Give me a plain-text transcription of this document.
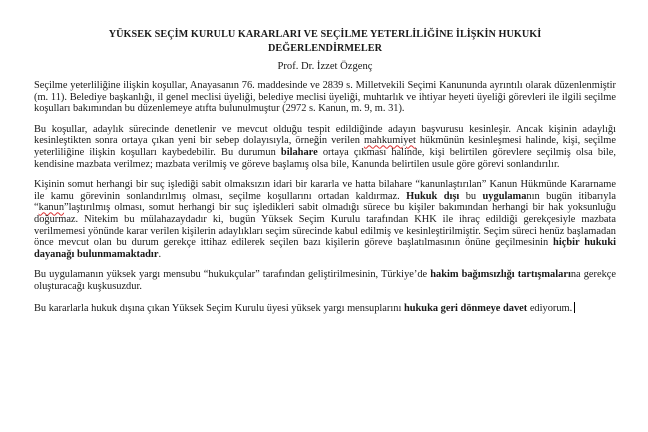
YÜKSEK SEÇİM KURULU KARARLARI VE SEÇİLME YETERLİLİĞİNE İLİŞKİN HUKUKİ
DEĞERLENDİRMELER
Prof. Dr. İzzet Özgenç

Seçilme yeterliliğine ilişkin koşullar, Anayasanın 76. maddesinde ve 2839 s. Milletvekili Seçimi Kanununda ayrıntılı olarak düzenlenmiştir (m. 11). Belediye başkanlığı, il genel meclisi üyeliği, belediye meclisi üyeliği, muhtarlık ve ihtiyar heyeti üyeliği görevleri ile ilgili seçilme koşulları bakımından bu düzenlemeye atıfta bulunulmuştur (2972 s. Kanun, m. 9, m. 31).

Bu koşullar, adaylık sürecinde denetlenir ve mevcut olduğu tespit edildiğinde adayın başvurusu kesinleşir. Ancak kişinin adaylığı kesinleştikten sonra ortaya çıkan yeni bir sebep dolayısıyla, örneğin verilen mahkumiyet hükmünün kesinleşmesi halinde, kişi, seçilme yeterliliğine ilişkin koşulları kaybedebilir. Bu durumun bilahare ortaya çıkması halinde, kişi belirtilen görevlere seçilmiş olsa bile, kendisine mazbata verilmez; mazbata verilmiş ve göreve başlamış olsa bile, Kanunda belirtilen usule göre görevi sonlandırılır.

Kişinin somut herhangi bir suç işlediği sabit olmaksızın idari bir kararla ve hatta bilahare “kanunlaştırılan” Kanun Hükmünde Kararname ile kamu görevinin sonlandırılmış olması, seçilme koşullarını ortadan kaldırmaz. Hukuk dışı bu uygulamanın bugün itibarıyla “kanun”laştırılmış olması, somut herhangi bir suç işledikleri sabit olmadığı sürece bu kişiler bakımından herhangi bir hak yoksunluğu doğurmaz. Nitekim bu mülahazaydadır ki, bugün Yüksek Seçim Kurulu tarafından KHK ile ihraç edildiği gerekçesiyle mazbata verilmemesi yönünde karar verilen kişilerin adaylıkları seçim sürecinde kabul edilmiş ve kesinleştirilmiştir. Seçim süreci henüz başlamadan önce mevcut olan bu durum gerekçe ittihaz edilerek seçilen bazı kişilerin göreve başlatılmasının önüne geçilmesinin hiçbir hukuki dayanağı bulunmamaktadır.

Bu uygulamanın yüksek yargı mensubu “hukukçular” tarafından geliştirilmesinin, Türkiye’de hakim bağımsızlığı tartışmalarına gerekçe oluşturacağı kuşkusuzdur.

Bu kararlarla hukuk dışına çıkan Yüksek Seçim Kurulu üyesi yüksek yargı mensuplarını hukuka geri dönmeye davet ediyorum.
